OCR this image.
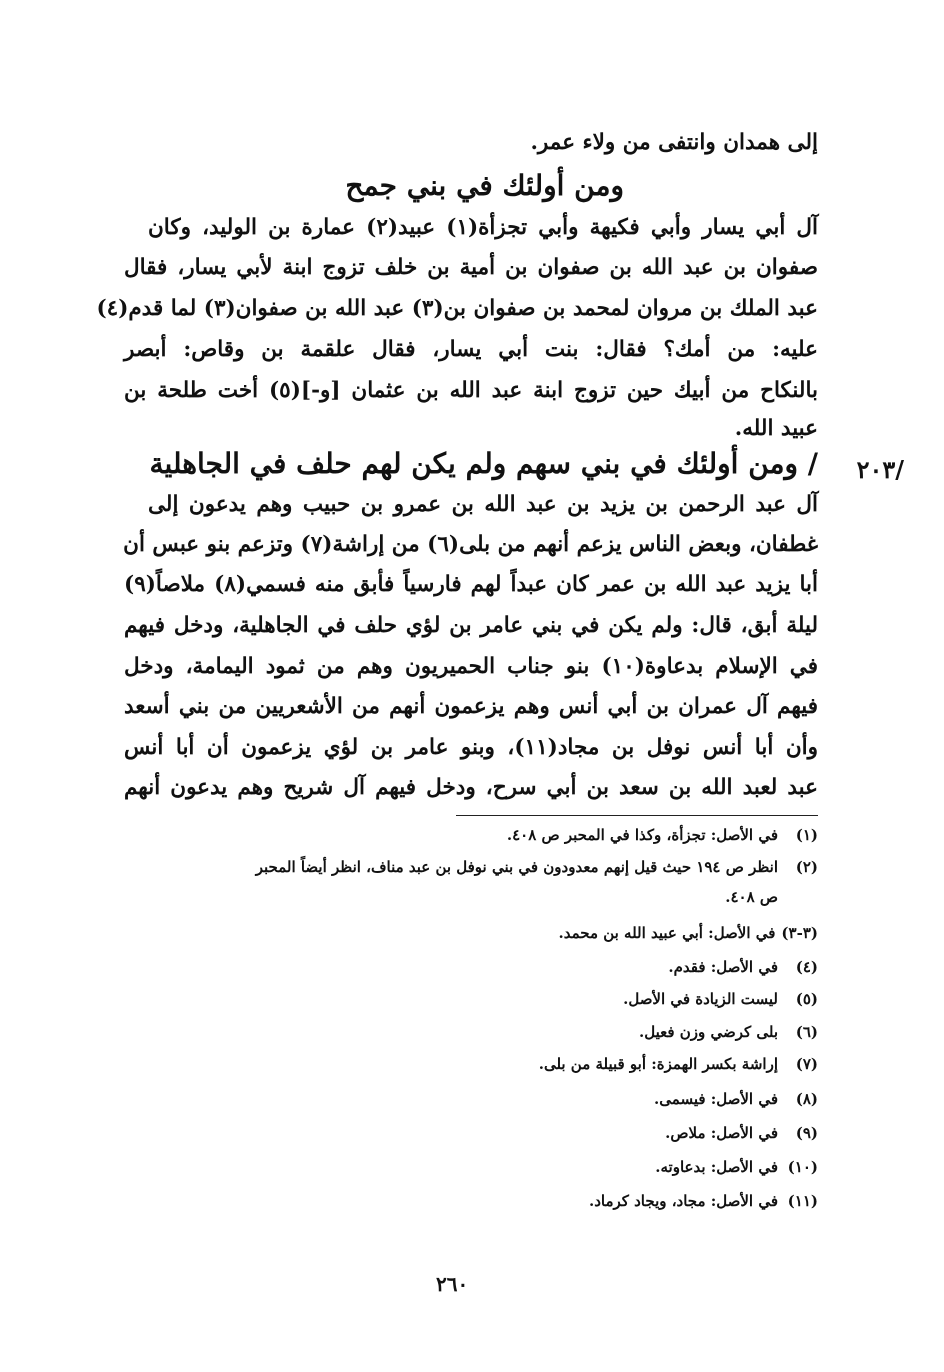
إلى همدان وانتفى من ولاء عمر.
ومن أولئك في بني جمح
آل أبي يسار وأبي فكيهة وأبي تجزأة(١) عبيد(٢) عمارة بن الوليد، وكان
صفوان بن عبد الله بن صفوان بن أمية بن خلف تزوج ابنة لأبي يسار، فقال
عبد الملك بن مروان لمحمد بن صفوان بن(٣) عبد الله بن صفوان(٣) لما قدم(٤)
عليه: من أمك؟ فقال: بنت أبي يسار، فقال علقمة بن وقاص: أبصر
بالنكاح من أبيك حين تزوج ابنة عبد الله بن عثمان [و-](٥) أخت طلحة بن
عبيد الله.
/٢٠٣
/ ومن أولئك في بني سهم ولم يكن لهم حلف في الجاهلية
آل عبد الرحمن بن يزيد بن عبد الله بن عمرو بن حبيب وهم يدعون إلى
غطفان، وبعض الناس يزعم أنهم من بلى(٦) من إراشة(٧) وتزعم بنو عبس أن
أبا يزيد عبد الله بن عمر كان عبداً لهم فارسياً فأبق منه فسمي(٨) ملاصاً(٩)
ليلة أبق، قال: ولم يكن في بني عامر بن لؤي حلف في الجاهلية، ودخل فيهم
في الإسلام بدعاوة(١٠) بنو جناب الحميريون وهم من ثمود اليمامة، ودخل
فيهم آل عمران بن أبي أنس وهم يزعمون أنهم من الأشعريين من بني أسعد
وأن أبا أنس نوفل بن مجاد(١١)، وبنو عامر بن لؤي يزعمون أن أبا أنس
عبد لعبد الله بن سعد بن أبي سرح، ودخل فيهم آل شريح وهم يدعون أنهم
(١)في الأصل: تجزأة، وكذا في المحبر ص ٤٠٨.
(٢)انظر ص ١٩٤ حيث قيل إنهم معدودون في بني نوفل بن عبد مناف، انظر أيضاً المحبر
ص ٤٠٨.
(٣-٣)في الأصل: أبي عبيد الله بن محمد.
(٤)في الأصل: فقدم.
(٥)ليست الزيادة في الأصل.
(٦)بلى كرضي وزن فعيل.
(٧)إراشة بكسر الهمزة: أبو قبيلة من بلى.
(٨)في الأصل: فيسمى.
(٩)في الأصل: ملاص.
(١٠)في الأصل: بدعاوته.
(١١)في الأصل: مجاد، ويجاد كرماد.
٢٦٠
